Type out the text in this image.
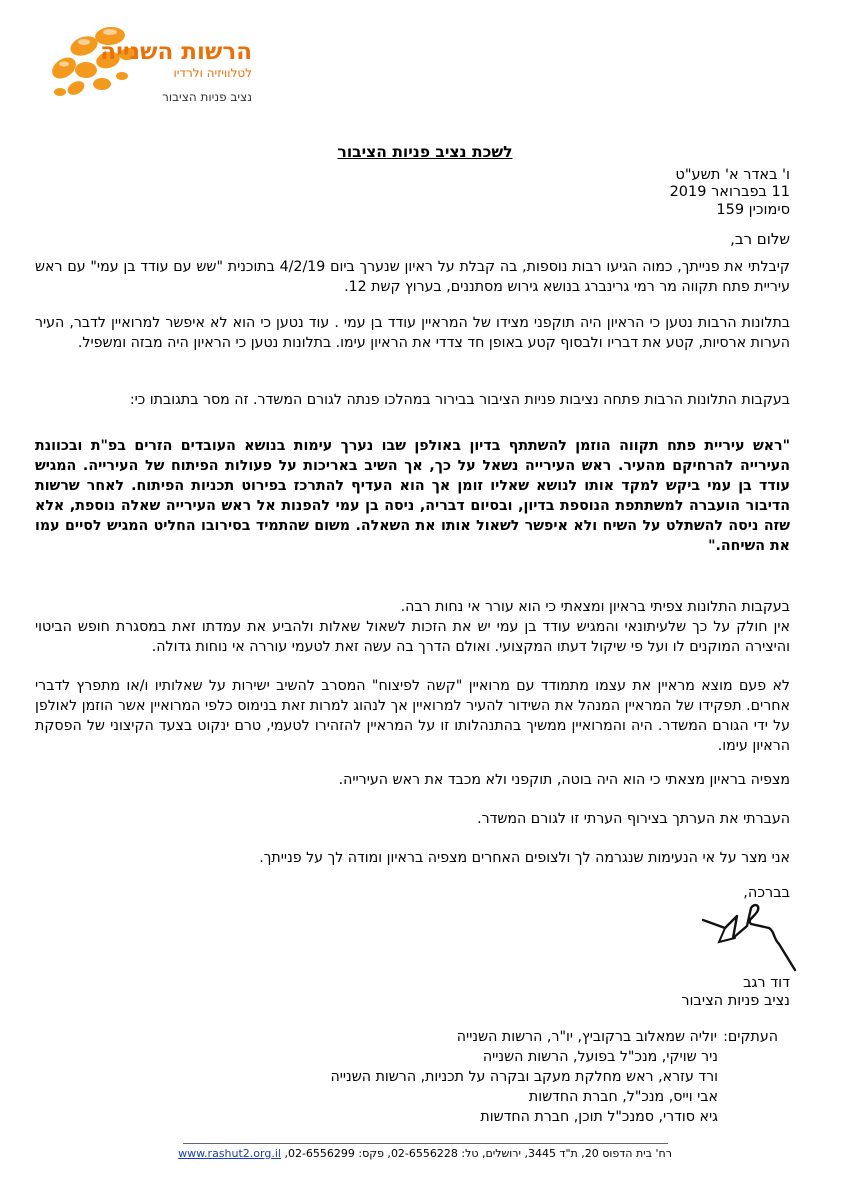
הרשות השנייה
לטלוויזיה ולרדיו
נציב פניות הציבור
לשכת נציב פניות הציבור
ו' באדר א' תשע"ט
11 בפברואר 2019
סימוכין 159
שלום רב,
קיבלתי את פנייתך, כמוה הגיעו רבות נוספות, בה קבלת על ראיון שנערך ביום 4/2/19 בתוכנית "שש עם עודד בן עמי" עם ראש עיריית פתח תקווה מר רמי גרינברג בנושא גירוש מסתננים, בערוץ קשת 12.
בתלונות הרבות נטען כי הראיון היה תוקפני מצידו של המראיין עודד בן עמי . עוד נטען כי הוא לא איפשר למרואיין לדבר, העיר הערות ארסיות, קטע את דבריו ולבסוף קטע באופן חד צדדי את הראיון עימו. בתלונות נטען כי הראיון היה מבזה ומשפיל.
בעקבות התלונות הרבות פתחה נציבות פניות הציבור בבירור במהלכו פנתה לגורם המשדר. זה מסר בתגובתו כי:
"ראש עיריית פתח תקווה הוזמן להשתתף בדיון באולפן שבו נערך עימות בנושא העובדים הזרים בפ"ת ובכוונת העירייה להרחיקם מהעיר. ראש העירייה נשאל על כך, אך השיב באריכות על פעולות הפיתוח של העירייה. המגיש עודד בן עמי ביקש למקד אותו לנושא שאליו זומן אך הוא העדיף להתרכז בפירוט תכניות הפיתוח. לאחר שרשות הדיבור הועברה למשתתפת הנוספת בדיון, ובסיום דבריה, ניסה בן עמי להפנות אל ראש העירייה שאלה נוספת, אלא שזה ניסה להשתלט על השיח ולא איפשר לשאול אותו את השאלה. משום שהתמיד בסירובו החליט המגיש לסיים עמו את השיחה."
בעקבות התלונות צפיתי בראיון ומצאתי כי הוא עורר אי נחות רבה.
אין חולק על כך שלעיתונאי והמגיש עודד בן עמי יש את הזכות לשאול שאלות ולהביע את עמדתו זאת במסגרת חופש הביטוי והיצירה המוקנים לו ועל פי שיקול דעתו המקצועי. ואולם הדרך בה עשה זאת לטעמי עוררה אי נוחות גדולה.
לא פעם מוצא מראיין את עצמו מתמודד עם מרואיין "קשה לפיצוח" המסרב להשיב ישירות על שאלותיו ו/או מתפרץ לדברי אחרים. תפקידו של המראיין המנהל את השידור להעיר למרואיין אך לנהוג למרות זאת בנימוס כלפי המרואיין אשר הוזמן לאולפן על ידי הגורם המשדר. היה והמרואיין ממשיך בהתנהלותו זו על המראיין להזהירו לטעמי, טרם ינקוט בצעד הקיצוני של הפסקת הראיון עימו.
מצפיה בראיון מצאתי כי הוא היה בוטה, תוקפני ולא מכבד את ראש העירייה.
העברתי את הערתך בצירוף הערתי זו לגורם המשדר.
אני מצר על אי הנעימות שנגרמה לך ולצופים האחרים מצפיה בראיון ומודה לך על פנייתך.
בברכה,
דוד רגב
נציב פניות הציבור
העתקים:
יוליה שמאלוב ברקוביץ, יו"ר, הרשות השנייה
ניר שויקי, מנכ"ל בפועל, הרשות השנייה
ורד עזרא, ראש מחלקת מעקב ובקרה על תכניות, הרשות השנייה
אבי וייס, מנכ"ל, חברת החדשות
גיא סודרי, סמנכ"ל תוכן, חברת החדשות
רח' בית הדפוס 20, ת"ד 3445, ירושלים, טל: 02-6556228, פקס: 02-6556299, www.rashut2.org.il
